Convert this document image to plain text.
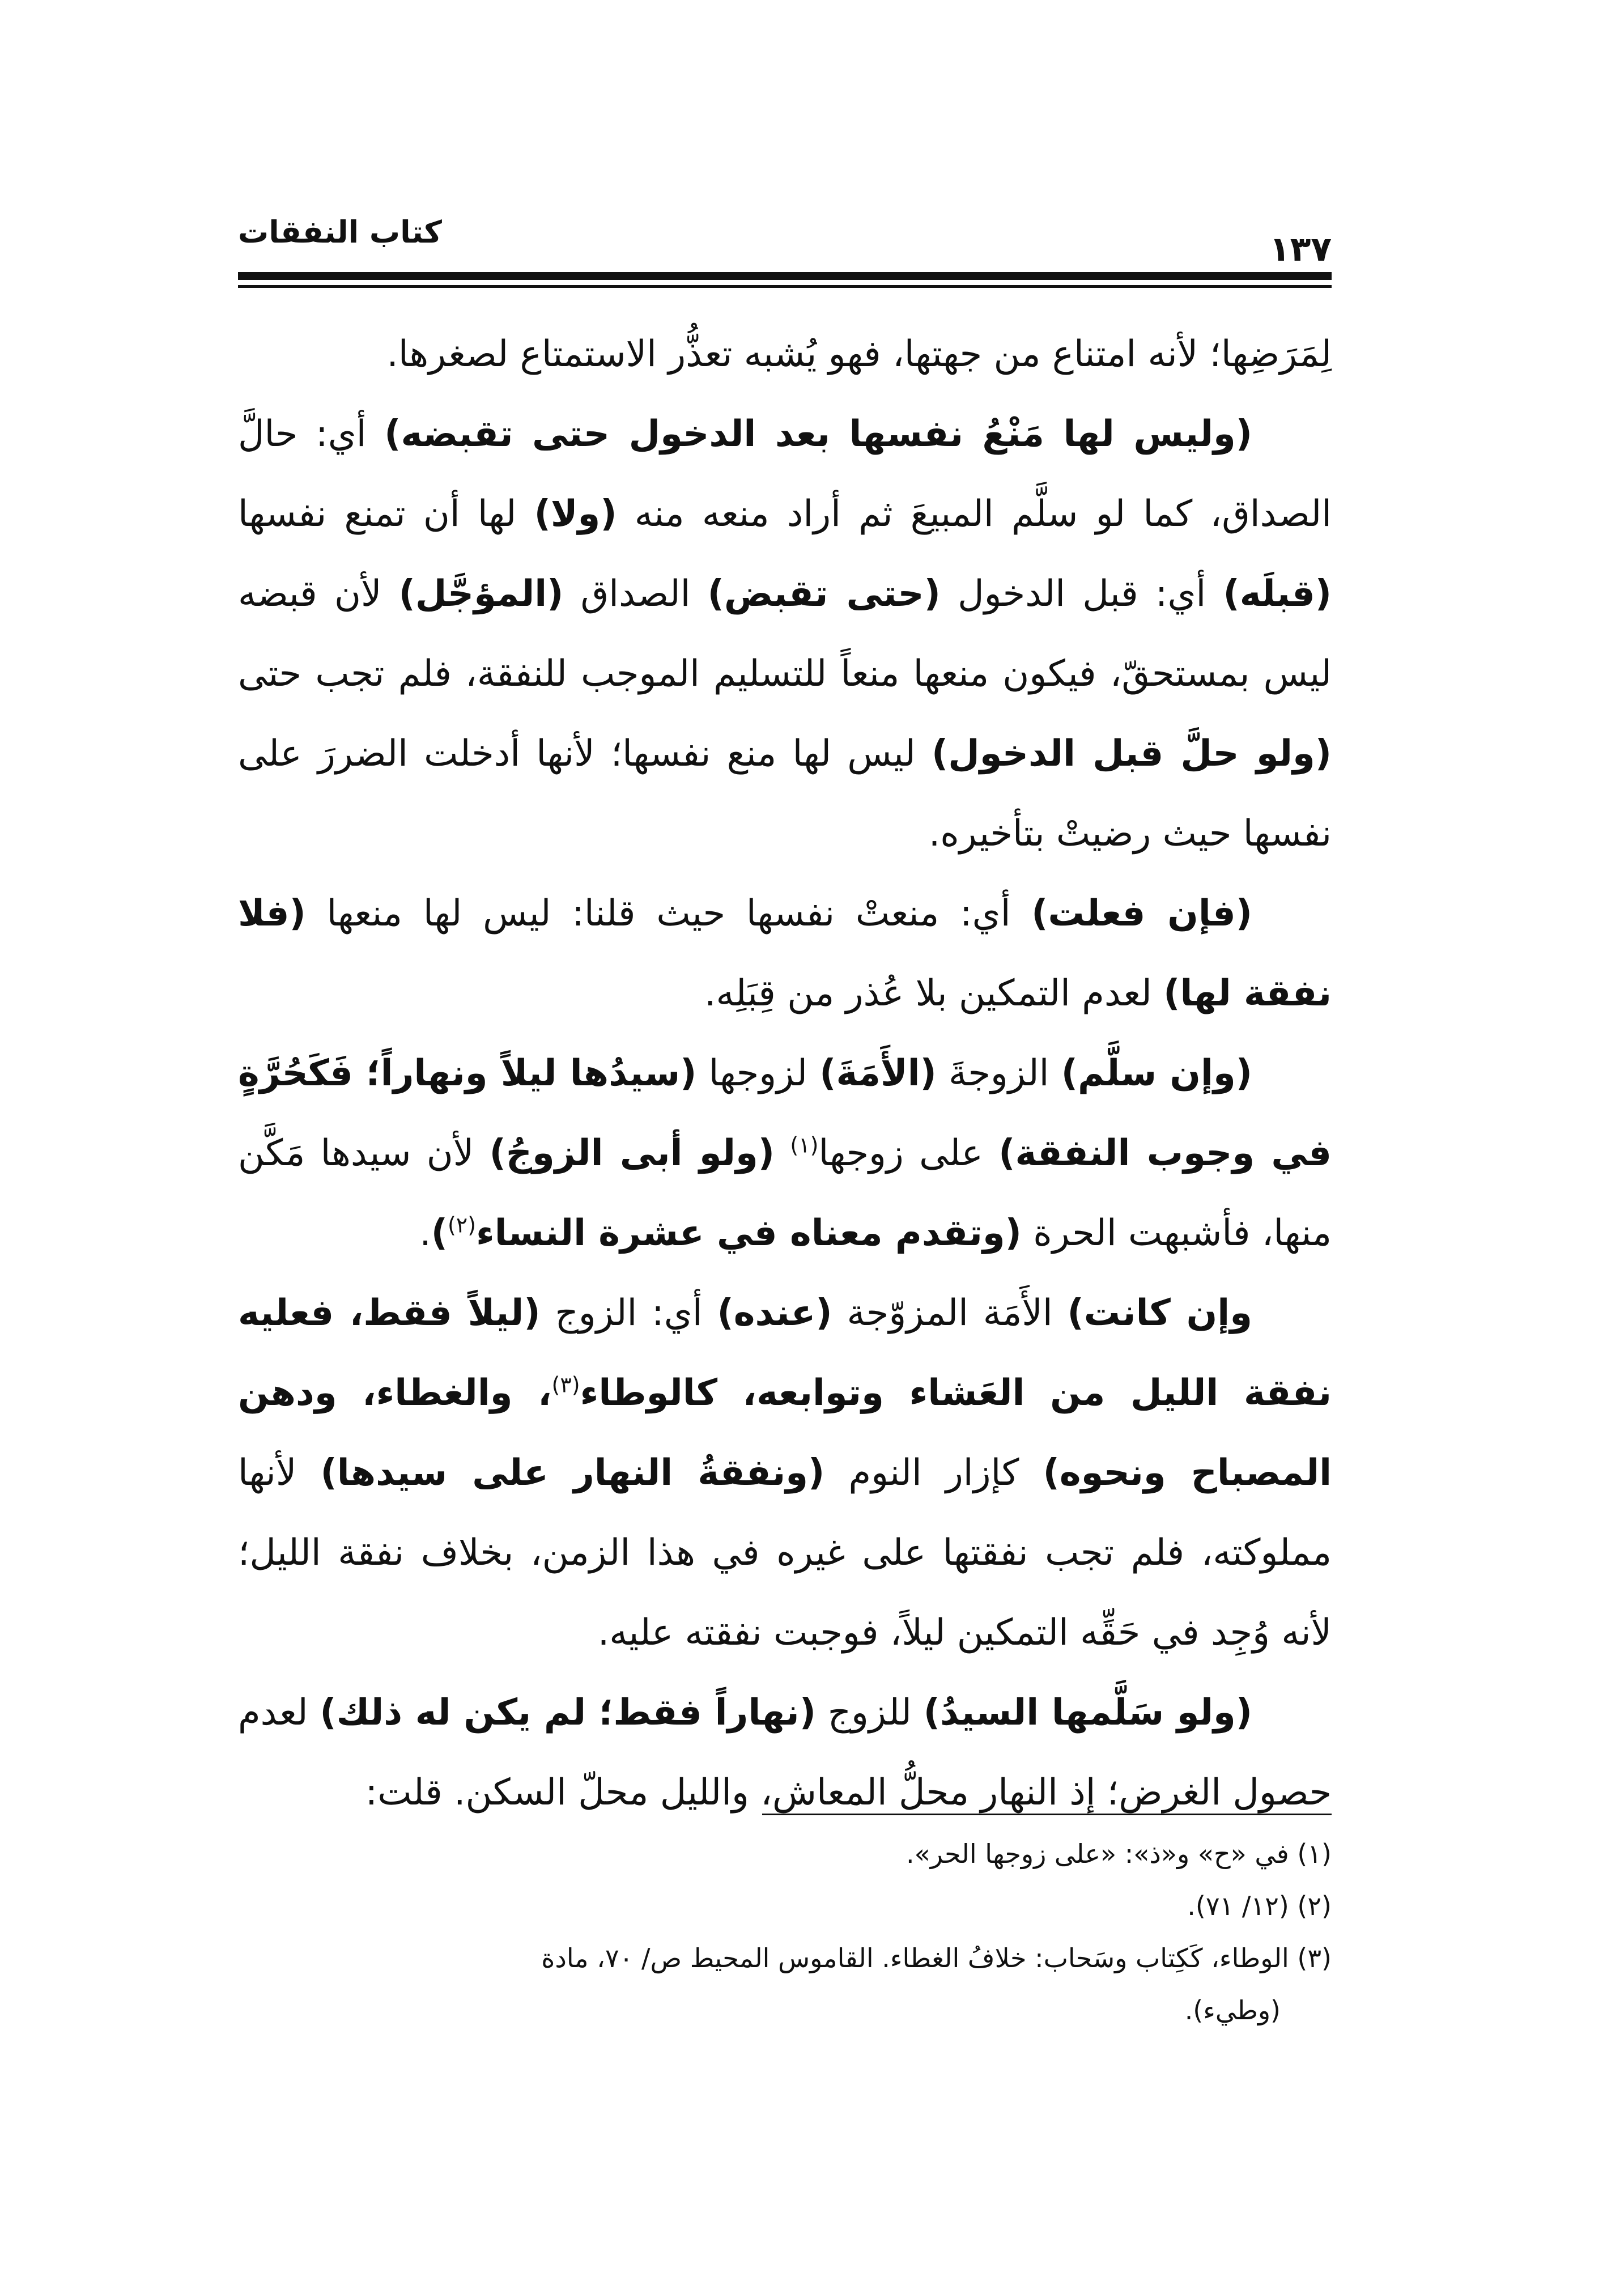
كتاب النفقات	١٣٧

لِمَرَضِها؛ لأنه امتناع من جهتها، فهو يُشبه تعذُّر الاستمتاع لصغرها.

(وليس لها مَنْعُ نفسها بعد الدخول حتى تقبضه) أي: حالَّ الصداق، كما لو سلَّم المبيعَ ثم أراد منعه منه (ولا) لها أن تمنع نفسها (قبلَه) أي: قبل الدخول (حتى تقبض) الصداق (المؤجَّل) لأن قبضه ليس بمستحقّ، فيكون منعها منعاً للتسليم الموجب للنفقة، فلم تجب حتى (ولو حلَّ قبل الدخول) ليس لها منع نفسها؛ لأنها أدخلت الضررَ على نفسها حيث رضيتْ بتأخيره.

(فإن فعلت) أي: منعتْ نفسها حيث قلنا: ليس لها منعها (فلا نفقة لها) لعدم التمكين بلا عُذر من قِبَلِه.

(وإن سلَّم) الزوجةَ (الأَمَةَ) لزوجها (سيدُها ليلاً ونهاراً؛ فَكَحُرَّةٍ في وجوب النفقة) على زوجها$^{(١)}$ (ولو أبى الزوجُ) لأن سيدها مَكَّن منها، فأشبهت الحرة (وتقدم معناه في عشرة النساء$^{(٢)}$).

وإن كانت) الأَمَة المزوّجة (عنده) أي: الزوج (ليلاً فقط، فعليه نفقة الليل من العَشاء وتوابعه، كالوطاء$^{(٣)}$، والغطاء، ودهن المصباح ونحوه) كإزار النوم (ونفقةُ النهار على سيدها) لأنها مملوكته، فلم تجب نفقتها على غيره في هذا الزمن، بخلاف نفقة الليل؛ لأنه وُجِد في حَقِّه التمكين ليلاً، فوجبت نفقته عليه.

(ولو سَلَّمها السيدُ) للزوج (نهاراً فقط؛ لم يكن له ذلك) لعدم حصول الغرض؛ إذ النهار محلُّ المعاش، والليل محلّ السكن. قلت:

(١) في «ح» و«ذ»: «على زوجها الحر».

(٢) (١٢/ ٧١).

(٣) الوطاء، كَكِتاب وسَحاب: خلافُ الغطاء. القاموس المحيط ص/ ٧٠، مادة

(وطيء).
